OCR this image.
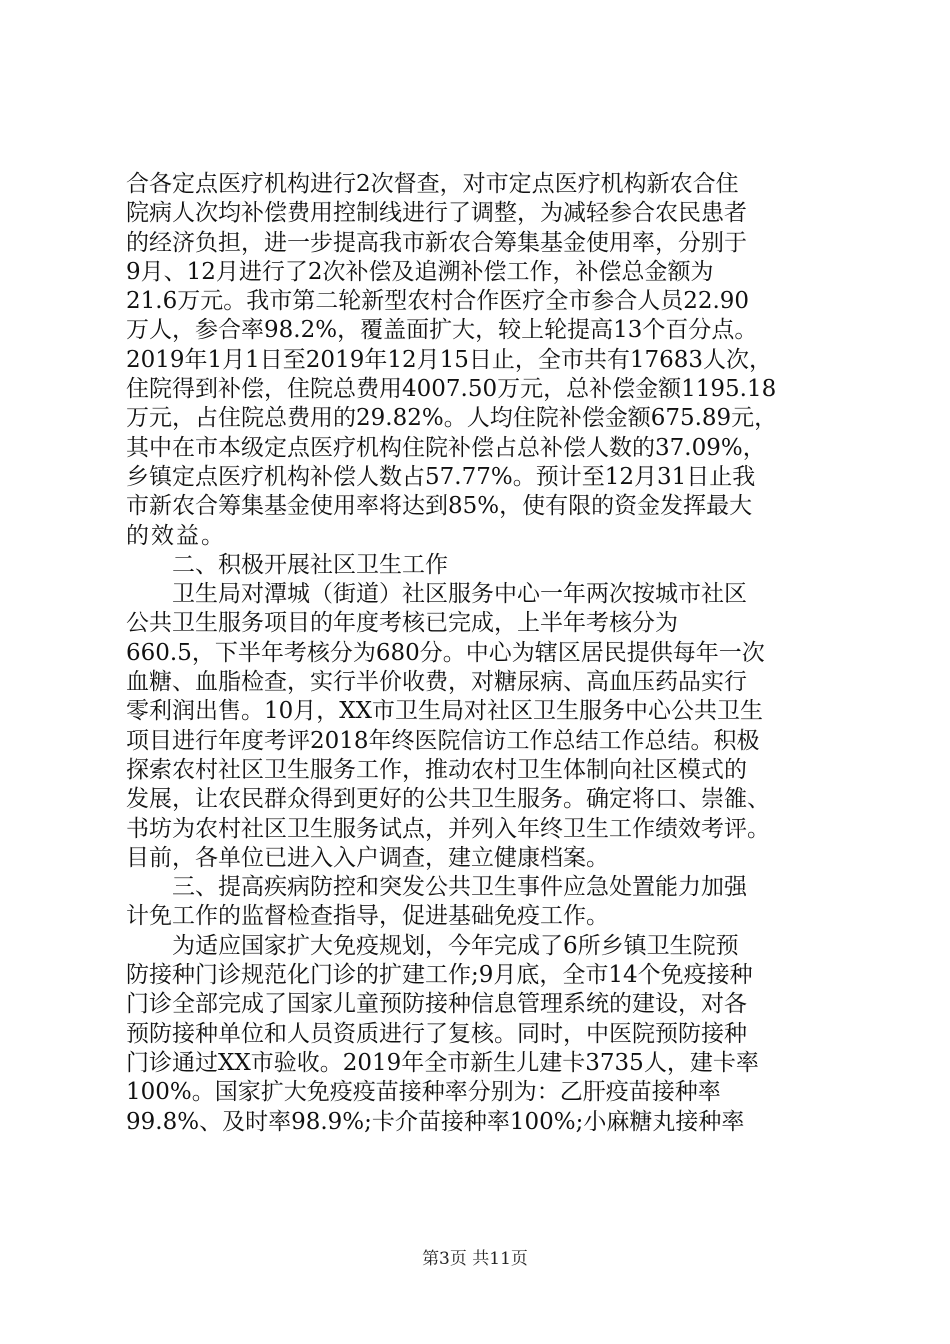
合各定点医疗机构进行2次督查，对市定点医疗机构新农合住
院病人次均补偿费用控制线进行了调整，为减轻参合农民患者
的经济负担，进一步提高我市新农合筹集基金使用率，分别于
9月、12月进行了2次补偿及追溯补偿工作，补偿总金额为
21.6万元。我市第二轮新型农村合作医疗全市参合人员22.90
万人，参合率98.2%，覆盖面扩大，较上轮提高13个百分点。
2019年1月1日至2019年12月15日止，全市共有17683人次，
住院得到补偿，住院总费用4007.50万元，总补偿金额1195.18
万元，占住院总费用的29.82%。人均住院补偿金额675.89元，
其中在市本级定点医疗机构住院补偿占总补偿人数的37.09%，
乡镇定点医疗机构补偿人数占57.77%。预计至12月31日止我
市新农合筹集基金使用率将达到85%，使有限的资金发挥最大
的效益。
二、积极开展社区卫生工作
卫生局对潭城（街道）社区服务中心一年两次按城市社区
公共卫生服务项目的年度考核已完成，上半年考核分为
660.5，下半年考核分为680分。中心为辖区居民提供每年一次
血糖、血脂检查，实行半价收费，对糖尿病、高血压药品实行
零利润出售。10月，XX市卫生局对社区卫生服务中心公共卫生
项目进行年度考评2018年终医院信访工作总结工作总结。积极
探索农村社区卫生服务工作，推动农村卫生体制向社区模式的
发展，让农民群众得到更好的公共卫生服务。确定将口、崇雒、
书坊为农村社区卫生服务试点，并列入年终卫生工作绩效考评。
目前，各单位已进入入户调查，建立健康档案。
三、提高疾病防控和突发公共卫生事件应急处置能力加强
计免工作的监督检查指导，促进基础免疫工作。
为适应国家扩大免疫规划，今年完成了6所乡镇卫生院预
防接种门诊规范化门诊的扩建工作;9月底，全市14个免疫接种
门诊全部完成了国家儿童预防接种信息管理系统的建设，对各
预防接种单位和人员资质进行了复核。同时，中医院预防接种
门诊通过XX市验收。2019年全市新生儿建卡3735人，建卡率
100%。国家扩大免疫疫苗接种率分别为：乙肝疫苗接种率
99.8%、及时率98.9%;卡介苗接种率100%;小麻糖丸接种率
第3页 共11页
